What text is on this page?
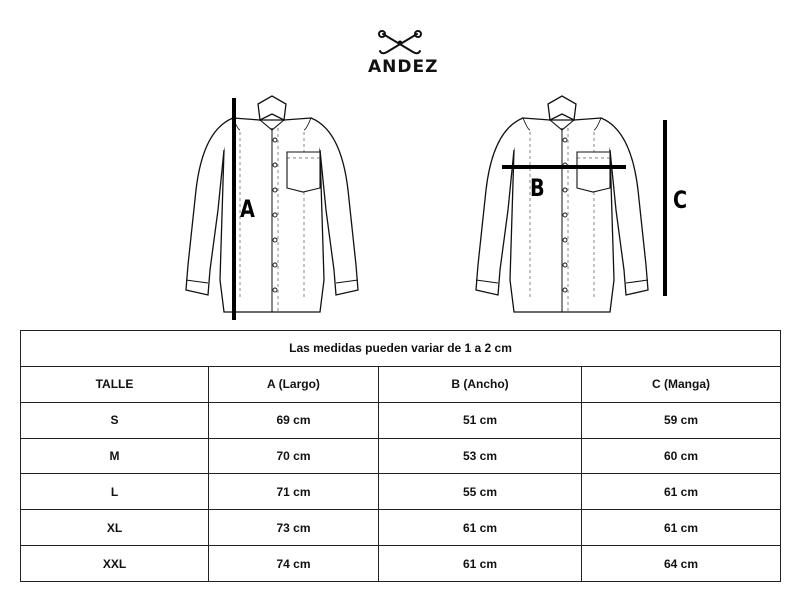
ANDEZ
A
B	C
Las medidas pueden variar de 1 a 2 cm			
TALLE	A (Largo)	B (Ancho)	C (Manga)
S	69 cm	51 cm	59 cm
M	70 cm	53 cm	60 cm
L	71 cm	55 cm	61 cm
XL	73 cm	61 cm	61 cm
XXL	74 cm	61 cm	64 cm
